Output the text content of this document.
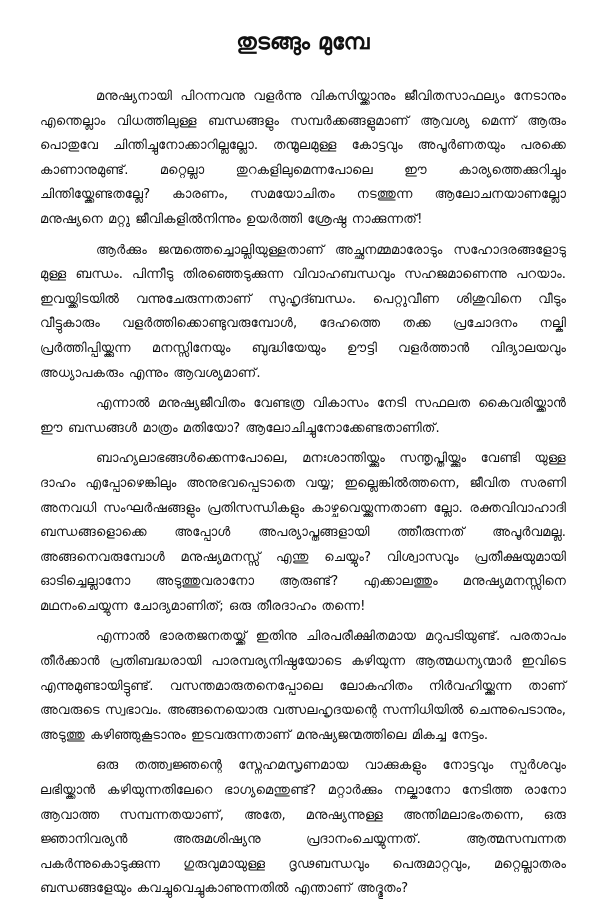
തുടങ്ങും മുമ്പേ

മനുഷ്യനായി പിറന്നവനു വളർന്നു വികസിയ്ക്കാനും ജീവിതസാഫല്യം നേടാനും എന്തെല്ലാം വിധത്തിലുള്ള ബന്ധങ്ങളും സമ്പർക്കങ്ങളുമാണ് ആവശ്യ മെന്ന് ആരും പൊതുവേ ചിന്തിച്ചുനോക്കാറില്ലല്ലോ. തന്മൂലമുള്ള കോട്ടവും അപൂർണതയും പരക്കെ കാണാനുമുണ്ട്. മറ്റെല്ലാ തുറകളിലുമെന്നപോലെ ഈ കാര്യത്തെക്കുറിച്ചും ചിന്തിയ്ക്കേണ്ടതല്ലേ? കാരണം, സമയോചിതം നടത്തുന്ന ആലോചനയാണല്ലോ മനുഷ്യനെ മറ്റു ജീവികളിൽനിന്നും ഉയർത്തി ശ്രേഷ്ഠ നാക്കുന്നത്!

ആർക്കും ജന്മത്തെച്ചൊല്ലിയുള്ളതാണ് അച്ഛനമ്മമാരോടും സഹോദരങ്ങളോടു മുള്ള ബന്ധം. പിന്നീടു തിരഞ്ഞെടുക്കുന്ന വിവാഹബന്ധവും സഹജമാണെന്നു പറയാം. ഇവയ്ക്കിടയിൽ വന്നുചേരുന്നതാണ് സുഹൃദ്ബന്ധം. പെറ്റുവീണ ശിശുവിനെ വീടും വീട്ടുകാരും വളർത്തിക്കൊണ്ടുവരുമ്പോൾ, ദേഹത്തെ തക്ക പ്രചോദനം നല്കി പ്രർത്തിപ്പിയ്ക്കുന്ന മനസ്സിനേയും ബുദ്ധിയേയും ഊട്ടി വളർത്താൻ വിദ്യാലയവും അധ്യാപകരും എന്നും ആവശ്യമാണ്.

എന്നാൽ മനുഷ്യജീവിതം വേണ്ടത്ര വികാസം നേടി സഫലത കൈവരിയ്ക്കാൻ ഈ ബന്ധങ്ങൾ മാത്രം മതിയോ? ആലോചിച്ചുനോക്കേണ്ടതാണിത്.

ബാഹ്യലാഭങ്ങൾക്കെന്നപോലെ, മനഃശാന്തിയ്ക്കും സന്തൃപ്തിയ്ക്കും വേണ്ടി യുള്ള ദാഹം എപ്പോഴെങ്കിലും അനുഭവപ്പെടാതെ വയ്യ; ഇല്ലെങ്കിൽത്തന്നെ, ജീവിത സരണി അനവധി സംഘർഷങ്ങളും പ്രതിസന്ധികളും കാഴ്ചവെയ്ക്കുന്നതാണ ല്ലോ. രക്തവിവാഹാദി ബന്ധങ്ങളൊക്കെ അപ്പോൾ അപര്യാപ്തങ്ങളായി ത്തീരുന്നത് അപൂർവമല്ല. അങ്ങനെവരുമ്പോൾ മനുഷ്യമനസ്സ് എന്തു ചെയ്യും? വിശ്വാസവും പ്രതീക്ഷയുമായി ഓടിച്ചെല്ലാനോ അടുത്തുവരാനോ ആരുണ്ട്? എക്കാലത്തും മനുഷ്യമനസ്സിനെ മഥനംചെയ്യുന്ന ചോദ്യമാണിത്; ഒരു തീരദാഹം തന്നെ!

എന്നാൽ ഭാരതജനതയ്ക്ക് ഇതിനു ചിരപരീക്ഷിതമായ മറുപടിയുണ്ട്. പരതാപം തീർക്കാൻ പ്രതിബദ്ധരായി പാരമ്പര്യനിഷ്ഠയോടെ കഴിയുന്ന ആത്മധന്യന്മാർ ഇവിടെ എന്നുമുണ്ടായിട്ടുണ്ട്. വസന്തമാരുതനെപ്പോലെ ലോകഹിതം നിർവഹിയ്ക്കുന്ന താണ് അവരുടെ സ്വഭാവം. അങ്ങനെയൊരു വത്സലഹൃദയന്റെ സന്നിധിയിൽ ചെന്നുപെടാനും, അടുത്തു കഴിഞ്ഞുകൂടാനും ഇടവരുന്നതാണ് മനുഷ്യജന്മത്തിലെ മികച്ച നേട്ടം.

ഒരു തത്ത്വജ്ഞന്റെ സ്നേഹമസൃണമായ വാക്കുകളും നോട്ടവും സ്പർശവും ലഭിയ്ക്കാൻ കഴിയുന്നതിലേറെ ഭാഗ്യമെന്തുണ്ട്? മറ്റാർക്കും നല്കാനോ നേടിത്ത രാനോ ആവാത്ത സമ്പന്നതയാണ്, അതേ, മനുഷ്യന്നുള്ള അന്തിമലാഭംതന്നെ, ഒരു ജ്ഞാനിവര്യൻ അരുമശിഷ്യനു പ്രദാനംചെയ്യുന്നത്. ആത്മസമ്പന്നത പകർന്നുകൊടുക്കുന്ന ഗുരുവുമായുള്ള ദൃഢബന്ധവും പെരുമാറ്റവും, മറ്റെല്ലാതരം ബന്ധങ്ങളേയും കവച്ചുവെച്ചുകാണുന്നതിൽ എന്താണ് അദ്ഭുതം?
